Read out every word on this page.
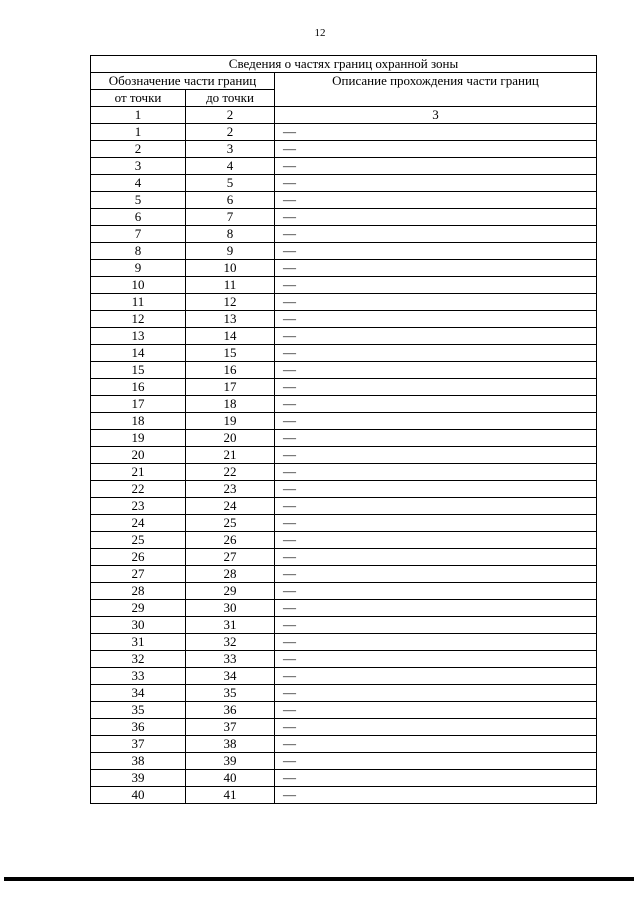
12
Сведения о частях границ охранной зоны		
Обозначение части границ		Описание прохождения части границ
от точки	до точки	
1	2	3
1	2	—
2	3	—
3	4	—
4	5	—
5	6	—
6	7	—
7	8	—
8	9	—
9	10	—
10	11	—
11	12	—
12	13	—
13	14	—
14	15	—
15	16	—
16	17	—
17	18	—
18	19	—
19	20	—
20	21	—
21	22	—
22	23	—
23	24	—
24	25	—
25	26	—
26	27	—
27	28	—
28	29	—
29	30	—
30	31	—
31	32	—
32	33	—
33	34	—
34	35	—
35	36	—
36	37	—
37	38	—
38	39	—
39	40	—
40	41	—
